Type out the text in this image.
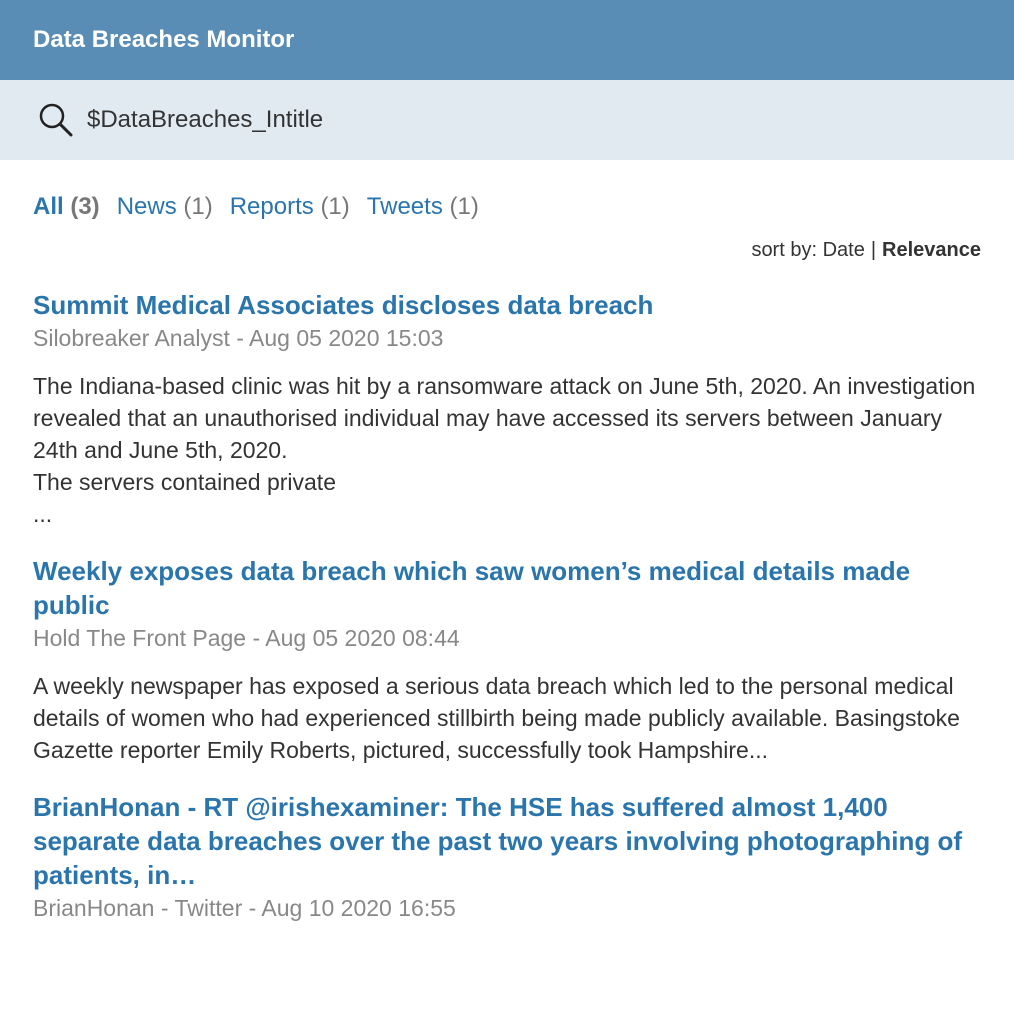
Data Breaches Monitor
$DataBreaches_Intitle
All (3) News (1) Reports (1) Tweets (1)
sort by: Date | Relevance
Summit Medical Associates discloses data breach
Silobreaker Analyst - Aug 05 2020 15:03
The Indiana-based clinic was hit by a ransomware attack on June 5th, 2020. An investigation revealed that an unauthorised individual may have accessed its servers between January 24th and June 5th, 2020.
The servers contained private
...
Weekly exposes data breach which saw women’s medical details made public
Hold The Front Page - Aug 05 2020 08:44
A weekly newspaper has exposed a serious data breach which led to the personal medical details of women who had experienced stillbirth being made publicly available. Basingstoke Gazette reporter Emily Roberts, pictured, successfully took Hampshire...
BrianHonan - RT @irishexaminer: The HSE has suffered almost 1,400 separate data breaches over the past two years involving photographing of patients, in…
BrianHonan - Twitter - Aug 10 2020 16:55
